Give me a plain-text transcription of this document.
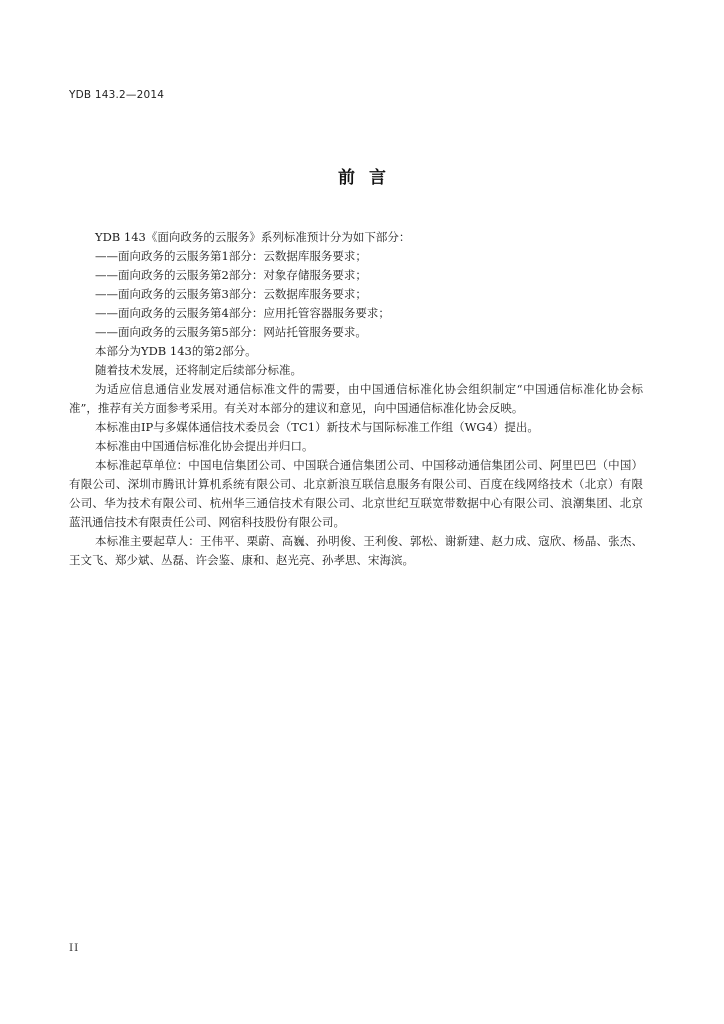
YDB 143.2—2014
前言

YDB 143《面向政务的云服务》系列标准预计分为如下部分：

——面向政务的云服务第1部分：云数据库服务要求；

——面向政务的云服务第2部分：对象存储服务要求；

——面向政务的云服务第3部分：云数据库服务要求；

——面向政务的云服务第4部分：应用托管容器服务要求；

——面向政务的云服务第5部分：网站托管服务要求。

本部分为YDB 143的第2部分。

随着技术发展，还将制定后续部分标准。

为适应信息通信业发展对通信标准文件的需要，由中国通信标准化协会组织制定“中国通信标准化协会标准”，推荐有关方面参考采用。有关对本部分的建议和意见，向中国通信标准化协会反映。

本标准由IP与多媒体通信技术委员会（TC1）新技术与国际标准工作组（WG4）提出。

本标准由中国通信标准化协会提出并归口。

本标准起草单位：中国电信集团公司、中国联合通信集团公司、中国移动通信集团公司、阿里巴巴（中国）有限公司、深圳市腾讯计算机系统有限公司、北京新浪互联信息服务有限公司、百度在线网络技术（北京）有限公司、华为技术有限公司、杭州华三通信技术有限公司、北京世纪互联宽带数据中心有限公司、浪潮集团、北京蓝汛通信技术有限责任公司、网宿科技股份有限公司。

本标准主要起草人：王伟平、栗蔚、高巍、孙明俊、王利俊、郭松、谢新建、赵力成、寇欣、杨晶、张杰、王文飞、郑少斌、丛磊、许会鉴、康和、赵光亮、孙孝思、宋海滨。

II
